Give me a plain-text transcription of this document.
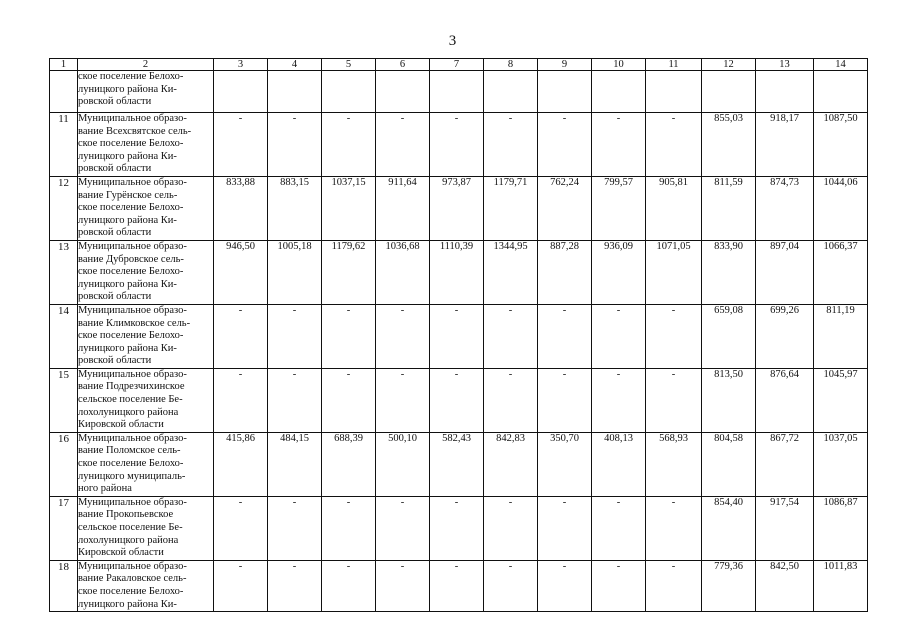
3
1	2	3	4	5	6	7	8	9	10	11	12	13	14

	ское поселение Белохо-
луницкого района Ки-
ровской области												

11	Муниципальное образо-
вание Всехсвятское сель-
ское поселение Белохо-
луницкого района Ки-
ровской области	-	-	-	-	-	-	-	-	-	855,03	918,17	1087,50
12	Муниципальное образо-
вание Гурёнское сель-
ское поселение Белохо-
луницкого района Ки-
ровской области	833,88	883,15	1037,15	911,64	973,87	1179,71	762,24	799,57	905,81	811,59	874,73	1044,06
13	Муниципальное образо-
вание Дубровское сель-
ское поселение Белохо-
луницкого района Ки-
ровской области	946,50	1005,18	1179,62	1036,68	1110,39	1344,95	887,28	936,09	1071,05	833,90	897,04	1066,37
14	Муниципальное образо-
вание Климковское сель-
ское поселение Белохо-
луницкого района Ки-
ровской области	-	-	-	-	-	-	-	-	-	659,08	699,26	811,19
15	Муниципальное образо-
вание Подрезчихинское
сельское поселение Бе-
лохолуницкого района
Кировской области	-	-	-	-	-	-	-	-	-	813,50	876,64	1045,97
16	Муниципальное образо-
вание Поломское сель-
ское поселение Белохо-
луницкого муниципаль-
ного района	415,86	484,15	688,39	500,10	582,43	842,83	350,70	408,13	568,93	804,58	867,72	1037,05
17	Муниципальное образо-
вание Прокопьевское
сельское поселение Бе-
лохолуницкого района
Кировской области	-	-	-	-	-	-	-	-	-	854,40	917,54	1086,87
18	Муниципальное образо-
вание Ракаловское сель-
ское поселение Белохо-
луницкого района Ки-	-	-	-	-	-	-	-	-	-	779,36	842,50	1011,83
